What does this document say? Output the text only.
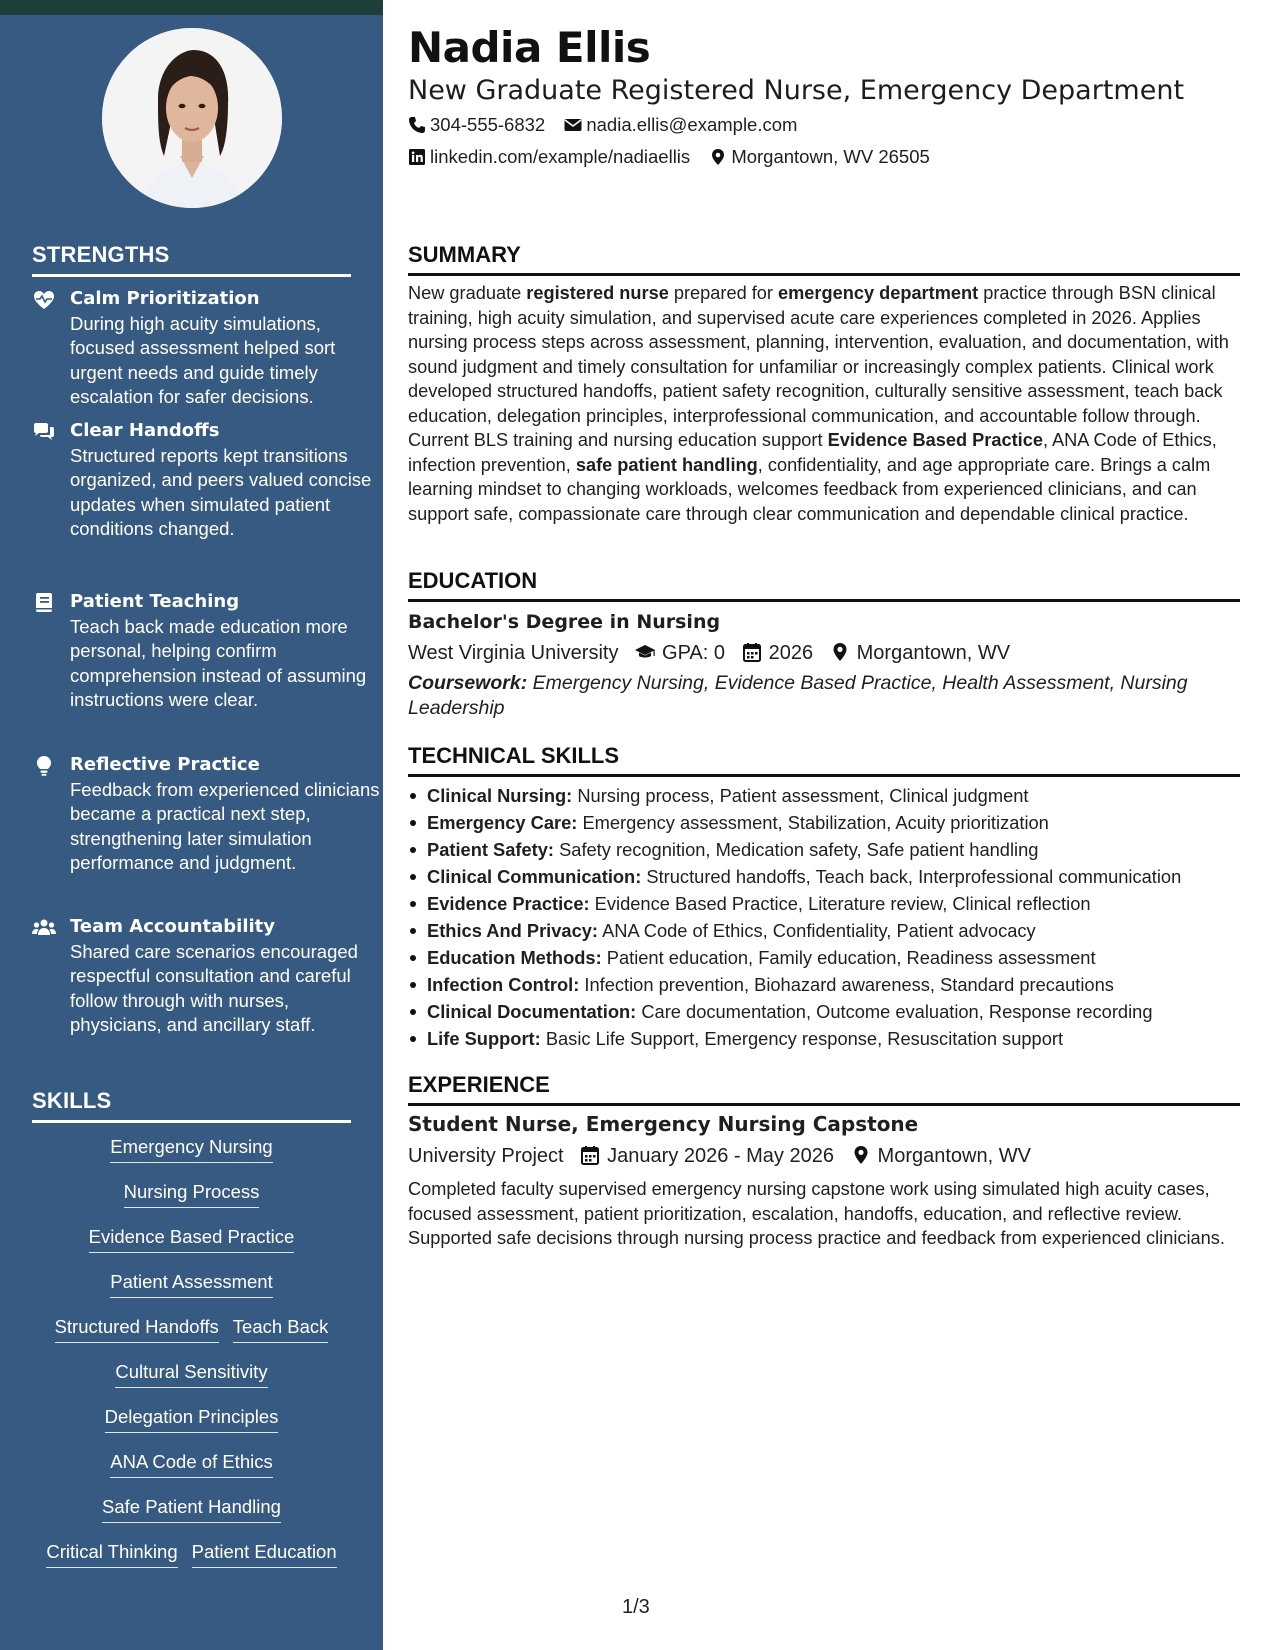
STRENGTHS
Calm Prioritization
During high acuity simulations, focused assessment helped sort urgent needs and guide timely escalation for safer decisions.
Clear Handoffs
Structured reports kept transitions organized, and peers valued concise updates when simulated patient conditions changed.
Patient Teaching
Teach back made education more personal, helping confirm comprehension instead of assuming instructions were clear.
Reflective Practice
Feedback from experienced clinicians became a practical next step, strengthening later simulation performance and judgment.
Team Accountability
Shared care scenarios encouraged respectful consultation and careful follow through with nurses, physicians, and ancillary staff.
SKILLS
Emergency Nursing
Nursing Process
Evidence Based Practice
Patient Assessment
Structured Handoffs Teach Back
Cultural Sensitivity
Delegation Principles
ANA Code of Ethics
Safe Patient Handling
Critical Thinking Patient Education
Nadia Ellis
New Graduate Registered Nurse, Emergency Department
304-555-6832 nadia.ellis@example.com
linkedin.com/example/nadiaellis Morgantown, WV 26505
SUMMARY
New graduate registered nurse prepared for emergency department practice through BSN clinical training, high acuity simulation, and supervised acute care experiences completed in 2026. Applies nursing process steps across assessment, planning, intervention, evaluation, and documentation, with sound judgment and timely consultation for unfamiliar or increasingly complex patients. Clinical work developed structured handoffs, patient safety recognition, culturally sensitive assessment, teach back education, delegation principles, interprofessional communication, and accountable follow through. Current BLS training and nursing education support Evidence Based Practice, ANA Code of Ethics, infection prevention, safe patient handling, confidentiality, and age appropriate care. Brings a calm learning mindset to changing workloads, welcomes feedback from experienced clinicians, and can support safe, compassionate care through clear communication and dependable clinical practice.
EDUCATION
Bachelor's Degree in Nursing
West Virginia University GPA: 0 2026 Morgantown, WV
Coursework: Emergency Nursing, Evidence Based Practice, Health Assessment, Nursing Leadership
TECHNICAL SKILLS
Clinical Nursing: Nursing process, Patient assessment, Clinical judgment
Emergency Care: Emergency assessment, Stabilization, Acuity prioritization
Patient Safety: Safety recognition, Medication safety, Safe patient handling
Clinical Communication: Structured handoffs, Teach back, Interprofessional communication
Evidence Practice: Evidence Based Practice, Literature review, Clinical reflection
Ethics And Privacy: ANA Code of Ethics, Confidentiality, Patient advocacy
Education Methods: Patient education, Family education, Readiness assessment
Infection Control: Infection prevention, Biohazard awareness, Standard precautions
Clinical Documentation: Care documentation, Outcome evaluation, Response recording
Life Support: Basic Life Support, Emergency response, Resuscitation support
EXPERIENCE
Student Nurse, Emergency Nursing Capstone
University Project January 2026 - May 2026 Morgantown, WV
Completed faculty supervised emergency nursing capstone work using simulated high acuity cases, focused assessment, patient prioritization, escalation, handoffs, education, and reflective review. Supported safe decisions through nursing process practice and feedback from experienced clinicians.
1/3
